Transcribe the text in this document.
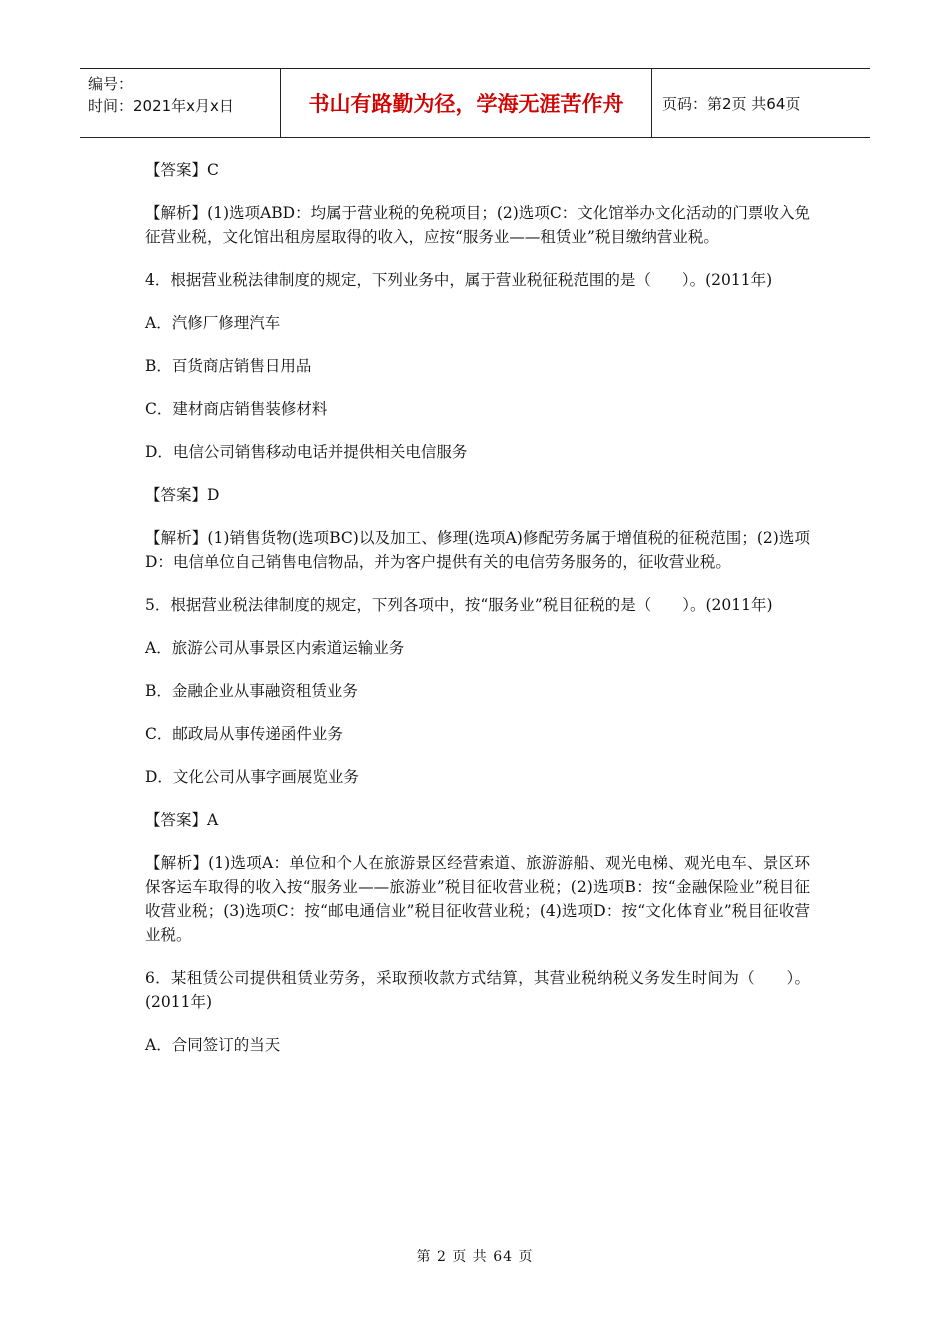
编号：
时间：2021年x月x日	书山有路勤为径，学海无涯苦作舟	页码：第2页 共64页

【答案】C

【解析】(1)选项ABD：均属于营业税的免税项目；(2)选项C：文化馆举办文化活动的门票收入免征营业税，文化馆出租房屋取得的收入，应按“服务业——租赁业”税目缴纳营业税。

4．根据营业税法律制度的规定，下列业务中，属于营业税征税范围的是（　　）。(2011年)

A．汽修厂修理汽车

B．百货商店销售日用品

C．建材商店销售装修材料

D．电信公司销售移动电话并提供相关电信服务

【答案】D

【解析】(1)销售货物(选项BC)以及加工、修理(选项A)修配劳务属于增值税的征税范围；(2)选项D：电信单位自己销售电信物品，并为客户提供有关的电信劳务服务的，征收营业税。

5．根据营业税法律制度的规定，下列各项中，按“服务业”税目征税的是（　　）。(2011年)

A．旅游公司从事景区内索道运输业务

B．金融企业从事融资租赁业务

C．邮政局从事传递函件业务

D．文化公司从事字画展览业务

【答案】A

【解析】(1)选项A：单位和个人在旅游景区经营索道、旅游游船、观光电梯、观光电车、景区环保客运车取得的收入按“服务业——旅游业”税目征收营业税；(2)选项B：按“金融保险业”税目征收营业税；(3)选项C：按“邮电通信业”税目征收营业税；(4)选项D：按“文化体育业”税目征收营业税。

6．某租赁公司提供租赁业劳务，采取预收款方式结算，其营业税纳税义务发生时间为（　　）。(2011年)

A．合同签订的当天

第 2 页 共 64 页
